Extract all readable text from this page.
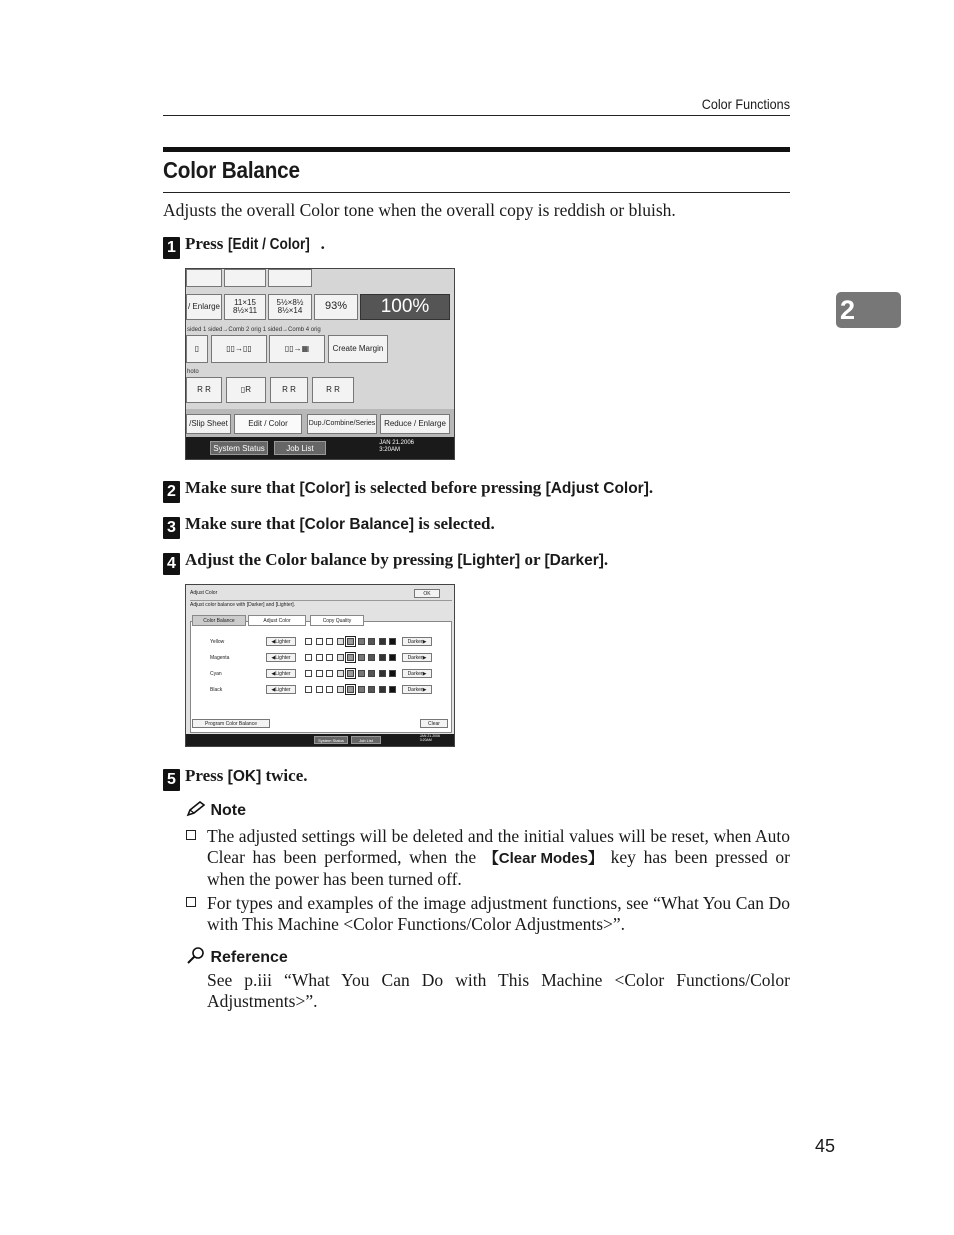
Color Functions
2
Color Balance
Adjusts the overall Color tone when the overall copy is reddish or bluish.
1 Press [Edit / Color] .
/ Enlarge 11×15
8½×11
5½×8½
8½×14	93%	100%
sided 1 sided→Comb 2 orig 1 sided→Comb 4 orig
▯	▯▯→▯▯	▯▯→▦	Create Margin
hoto
R R	▯R	R R	R R
/Slip Sheet	Edit / Color	Dup./Combine/Series	Reduce / Enlarge
System Status	Job List
JAN 21.2006
3:20AM
2 Make sure that [Color] is selected before pressing [Adjust Color].
3 Make sure that [Color Balance] is selected.
4 Adjust the Color balance by pressing [Lighter] or [Darker].
Adjust Color	OK
Adjust color balance with [Darker] and [Lighter].
Color Balance	Adjust Color	Copy Quality
Yellow	◀Lighter	Darker▶
Magenta	◀Lighter	Darker▶
Cyan	◀Lighter	Darker▶
Black	◀Lighter	Darker▶
Program Color Balance	Clear
System Status	Job List
JAN 21.2006
3:20AM
5 Press [OK] twice.
Note
The adjusted settings will be deleted and the initial values will be reset, when Auto Clear has been performed, when the 【Clear Modes】 key has been pressed or when the power has been turned off.
For types and examples of the image adjustment functions, see “What You Can Do with This Machine <Color Functions/Color Adjustments>”.
Reference
See p.iii “What You Can Do with This Machine <Color Functions/Color Adjustments>”.
45
